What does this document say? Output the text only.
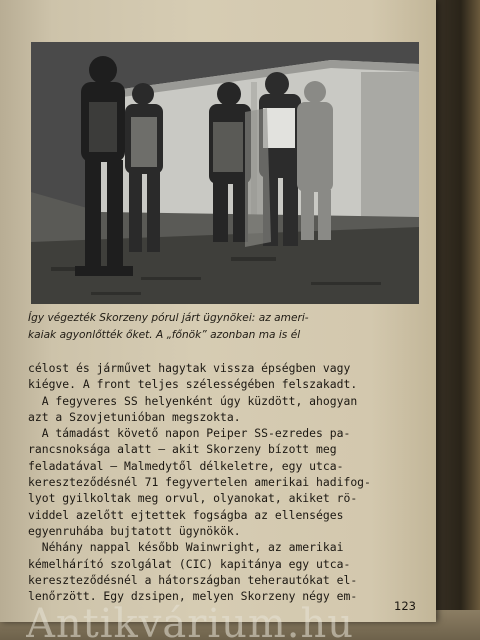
Így végezték Skorzeny pórul járt ügynökei: az ameri-
kaiak agyonlőtték őket. A „főnök” azonban ma is él
célost és járművet hagytak vissza épségben vagy
kiégve. A front teljes szélességében felszakadt.
A fegyveres SS helyenként úgy küzdött, ahogyan
azt a Szovjetunióban megszokta.
A támadást követő napon Peiper SS-ezredes pa-
rancsnoksága alatt — akit Skorzeny bízott meg
feladatával — Malmedytől délkeletre, egy utca-
kereszteződésnél 71 fegyvertelen amerikai hadifog-
lyot gyilkoltak meg orvul, olyanokat, akiket rö-
viddel azelőtt ejtettek fogságba az ellenséges
egyenruhába bujtatott ügynökök.
Néhány nappal később Wainwright, az amerikai
kémelhárító szolgálat (CIC) kapitánya egy utca-
kereszteződésnél a hátországban teherautókat el-
lenőrzött. Egy dzsipen, melyen Skorzeny négy em-
123
Antikvárium.hu
